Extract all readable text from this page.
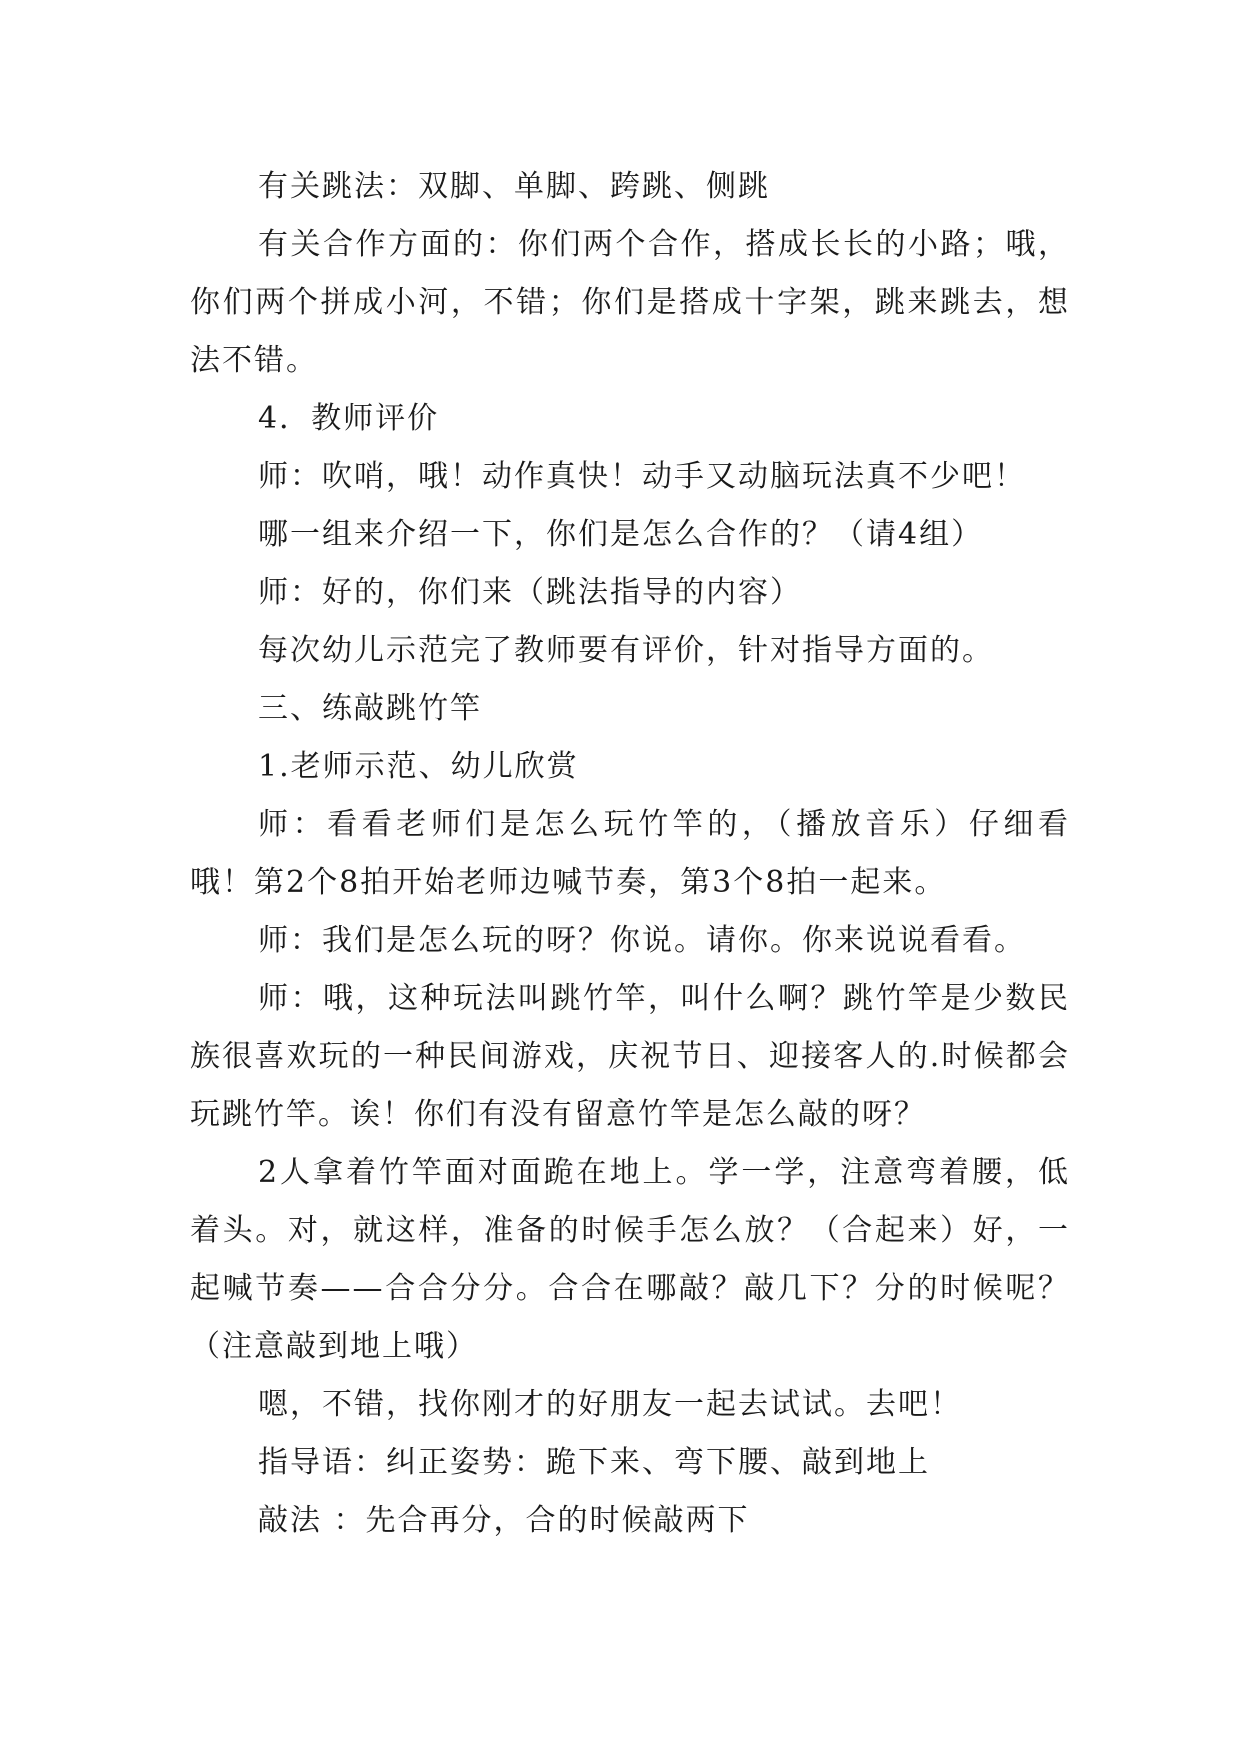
有关跳法：双脚、单脚、跨跳、侧跳

有关合作方面的：你们两个合作，搭成长长的小路；哦，你们两个拼成小河，不错；你们是搭成十字架，跳来跳去，想法不错。

4．教师评价

师：吹哨，哦！动作真快！动手又动脑玩法真不少吧！

哪一组来介绍一下，你们是怎么合作的？（请4组）

师：好的，你们来（跳法指导的内容）

每次幼儿示范完了教师要有评价，针对指导方面的。

三、练敲跳竹竿

1.老师示范、幼儿欣赏

师：看看老师们是怎么玩竹竿的，（播放音乐）仔细看哦！第2个8拍开始老师边喊节奏，第3个8拍一起来。

师：我们是怎么玩的呀？你说。请你。你来说说看看。

师：哦，这种玩法叫跳竹竿，叫什么啊？跳竹竿是少数民族很喜欢玩的一种民间游戏，庆祝节日、迎接客人的.时候都会玩跳竹竿。诶！你们有没有留意竹竿是怎么敲的呀？

2人拿着竹竿面对面跪在地上。学一学，注意弯着腰，低着头。对，就这样，准备的时候手怎么放？（合起来）好，一起喊节奏——合合分分。合合在哪敲？敲几下？分的时候呢？（注意敲到地上哦）

嗯，不错，找你刚才的好朋友一起去试试。去吧！

指导语：纠正姿势：跪下来、弯下腰、敲到地上

敲法 ：先合再分，合的时候敲两下
